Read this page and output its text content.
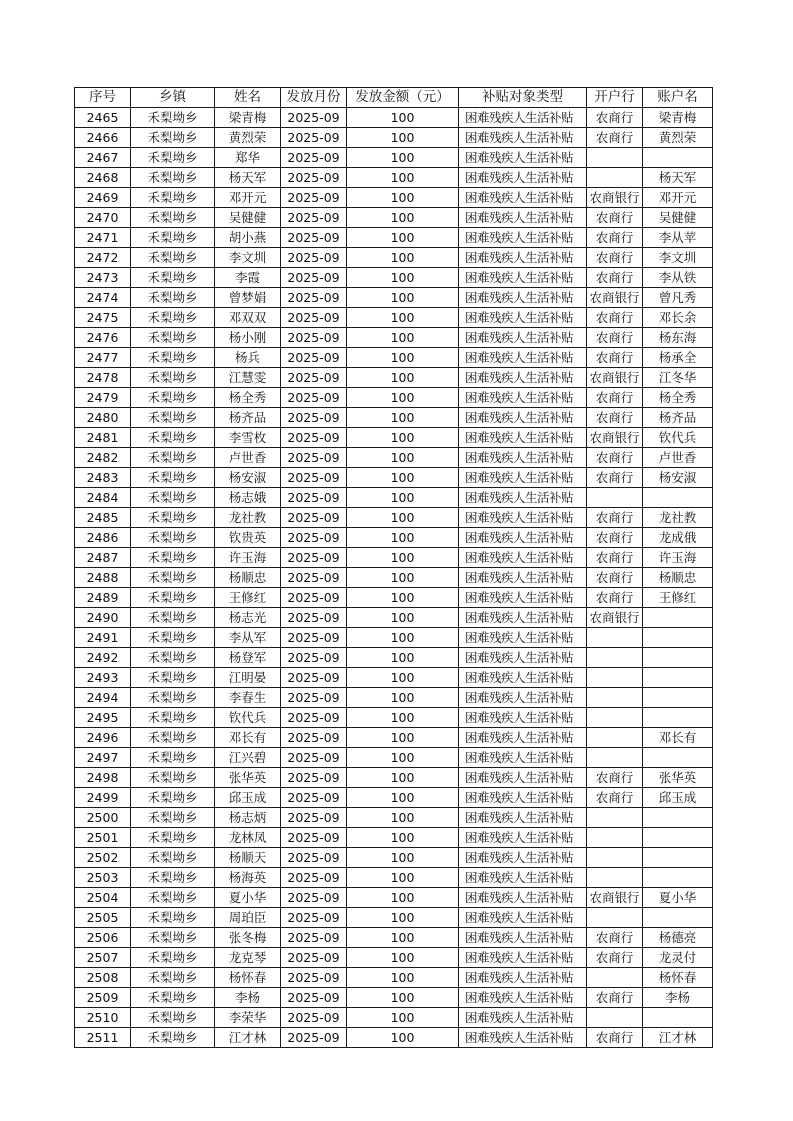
序号	乡镇	姓名	发放月份	发放金额（元）	补贴对象类型	开户行	账户名
2465	禾梨坳乡	梁青梅	2025-09	100	困难残疾人生活补贴	农商行	梁青梅
2466	禾梨坳乡	黄烈荣	2025-09	100	困难残疾人生活补贴	农商行	黄烈荣
2467	禾梨坳乡	郑华	2025-09	100	困难残疾人生活补贴		
2468	禾梨坳乡	杨天军	2025-09	100	困难残疾人生活补贴		杨天军
2469	禾梨坳乡	邓开元	2025-09	100	困难残疾人生活补贴	农商银行	邓开元
2470	禾梨坳乡	吴健健	2025-09	100	困难残疾人生活补贴	农商行	吴健健
2471	禾梨坳乡	胡小燕	2025-09	100	困难残疾人生活补贴	农商行	李从苹
2472	禾梨坳乡	李文圳	2025-09	100	困难残疾人生活补贴	农商行	李文圳
2473	禾梨坳乡	李霞	2025-09	100	困难残疾人生活补贴	农商行	李从铁
2474	禾梨坳乡	曾梦娟	2025-09	100	困难残疾人生活补贴	农商银行	曾凡秀
2475	禾梨坳乡	邓双双	2025-09	100	困难残疾人生活补贴	农商行	邓长余
2476	禾梨坳乡	杨小刚	2025-09	100	困难残疾人生活补贴	农商行	杨东海
2477	禾梨坳乡	杨兵	2025-09	100	困难残疾人生活补贴	农商行	杨承全
2478	禾梨坳乡	江慧雯	2025-09	100	困难残疾人生活补贴	农商银行	江冬华
2479	禾梨坳乡	杨全秀	2025-09	100	困难残疾人生活补贴	农商行	杨全秀
2480	禾梨坳乡	杨齐品	2025-09	100	困难残疾人生活补贴	农商行	杨齐品
2481	禾梨坳乡	李雪枚	2025-09	100	困难残疾人生活补贴	农商银行	钦代兵
2482	禾梨坳乡	卢世香	2025-09	100	困难残疾人生活补贴	农商行	卢世香
2483	禾梨坳乡	杨安淑	2025-09	100	困难残疾人生活补贴	农商行	杨安淑
2484	禾梨坳乡	杨志娥	2025-09	100	困难残疾人生活补贴		
2485	禾梨坳乡	龙社教	2025-09	100	困难残疾人生活补贴	农商行	龙社教
2486	禾梨坳乡	钦贵英	2025-09	100	困难残疾人生活补贴	农商行	龙成俄
2487	禾梨坳乡	许玉海	2025-09	100	困难残疾人生活补贴	农商行	许玉海
2488	禾梨坳乡	杨顺忠	2025-09	100	困难残疾人生活补贴	农商行	杨顺忠
2489	禾梨坳乡	王修红	2025-09	100	困难残疾人生活补贴	农商行	王修红
2490	禾梨坳乡	杨志光	2025-09	100	困难残疾人生活补贴	农商银行	
2491	禾梨坳乡	李从军	2025-09	100	困难残疾人生活补贴		
2492	禾梨坳乡	杨登军	2025-09	100	困难残疾人生活补贴		
2493	禾梨坳乡	江明晏	2025-09	100	困难残疾人生活补贴		
2494	禾梨坳乡	李春生	2025-09	100	困难残疾人生活补贴		
2495	禾梨坳乡	钦代兵	2025-09	100	困难残疾人生活补贴		
2496	禾梨坳乡	邓长有	2025-09	100	困难残疾人生活补贴		邓长有
2497	禾梨坳乡	江兴碧	2025-09	100	困难残疾人生活补贴		
2498	禾梨坳乡	张华英	2025-09	100	困难残疾人生活补贴	农商行	张华英
2499	禾梨坳乡	邱玉成	2025-09	100	困难残疾人生活补贴	农商行	邱玉成
2500	禾梨坳乡	杨志炳	2025-09	100	困难残疾人生活补贴		
2501	禾梨坳乡	龙林凤	2025-09	100	困难残疾人生活补贴		
2502	禾梨坳乡	杨顺天	2025-09	100	困难残疾人生活补贴		
2503	禾梨坳乡	杨海英	2025-09	100	困难残疾人生活补贴		
2504	禾梨坳乡	夏小华	2025-09	100	困难残疾人生活补贴	农商银行	夏小华
2505	禾梨坳乡	周珀臣	2025-09	100	困难残疾人生活补贴		
2506	禾梨坳乡	张冬梅	2025-09	100	困难残疾人生活补贴	农商行	杨德亮
2507	禾梨坳乡	龙克琴	2025-09	100	困难残疾人生活补贴	农商行	龙灵付
2508	禾梨坳乡	杨怀春	2025-09	100	困难残疾人生活补贴		杨怀春
2509	禾梨坳乡	李杨	2025-09	100	困难残疾人生活补贴	农商行	李杨
2510	禾梨坳乡	李荣华	2025-09	100	困难残疾人生活补贴		
2511	禾梨坳乡	江才林	2025-09	100	困难残疾人生活补贴	农商行	江才林
